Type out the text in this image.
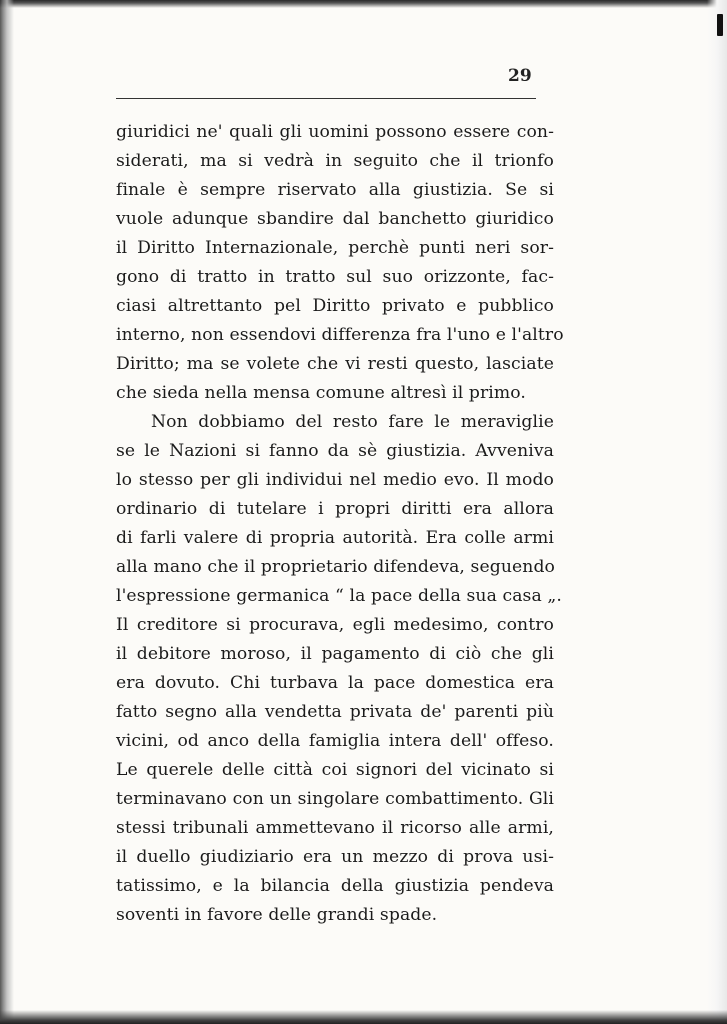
29
giuridici ne' quali gli uomini possono essere con-
siderati, ma si vedrà in seguito che il trionfo
finale è sempre riservato alla giustizia. Se si
vuole adunque sbandire dal banchetto giuridico
il Diritto Internazionale, perchè punti neri sor-
gono di tratto in tratto sul suo orizzonte, fac-
ciasi altrettanto pel Diritto privato e pubblico
interno, non essendovi differenza fra l'uno e l'altro
Diritto; ma se volete che vi resti questo, lasciate
che sieda nella mensa comune altresì il primo.
Non dobbiamo del resto fare le meraviglie
se le Nazioni si fanno da sè giustizia. Avveniva
lo stesso per gli individui nel medio evo. Il modo
ordinario di tutelare i propri diritti era allora
di farli valere di propria autorità. Era colle armi
alla mano che il proprietario difendeva, seguendo
l'espressione germanica “ la pace della sua casa „.
Il creditore si procurava, egli medesimo, contro
il debitore moroso, il pagamento di ciò che gli
era dovuto. Chi turbava la pace domestica era
fatto segno alla vendetta privata de' parenti più
vicini, od anco della famiglia intera dell' offeso.
Le querele delle città coi signori del vicinato si
terminavano con un singolare combattimento. Gli
stessi tribunali ammettevano il ricorso alle armi,
il duello giudiziario era un mezzo di prova usi-
tatissimo, e la bilancia della giustizia pendeva
soventi in favore delle grandi spade.
